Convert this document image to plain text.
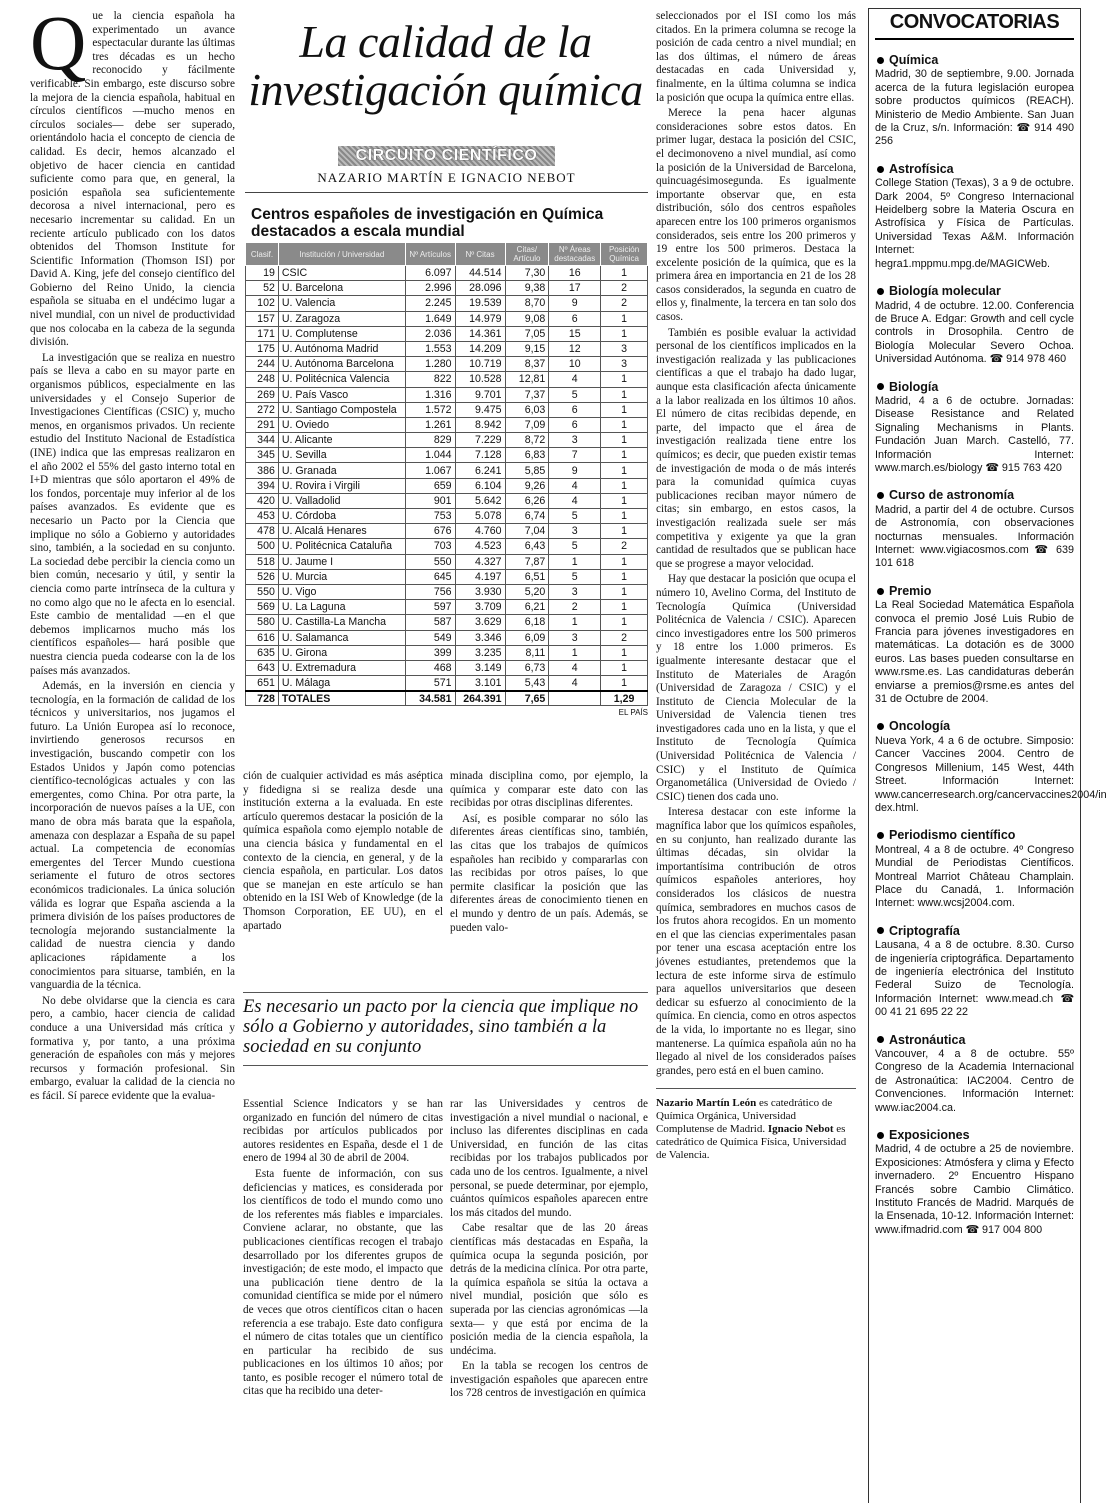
Q ue la ciencia española ha experimentado un avance espectacular durante las últimas tres décadas es un hecho reconocido y fácilmente verificable. Sin embargo, este discurso sobre la mejora de la ciencia española, habitual en círculos científicos —mucho menos en círculos sociales— debe ser superado, orientándolo hacia el concepto de ciencia de calidad. Es decir, hemos alcanzado el objetivo de hacer ciencia en cantidad suficiente como para que, en general, la posición española sea suficientemente decorosa a nivel internacional, pero es necesario incrementar su calidad. En un reciente artículo publicado con los datos obtenidos del Thomson Institute for Scientific Information (Thomson ISI) por David A. King, jefe del consejo científico del Gobierno del Reino Unido, la ciencia española se situaba en el undécimo lugar a nivel mundial, con un nivel de productividad que nos colocaba en la cabeza de la segunda división.

La investigación que se realiza en nuestro país se lleva a cabo en su mayor parte en organismos públicos, especialmente en las universidades y el Consejo Superior de Investigaciones Científicas (CSIC) y, mucho menos, en organismos privados. Un reciente estudio del Instituto Nacional de Estadística (INE) indica que las empresas realizaron en el año 2002 el 55% del gasto interno total en I+D mientras que sólo aportaron el 49% de los fondos, porcentaje muy inferior al de los países avanzados. Es evidente que es necesario un Pacto por la Ciencia que implique no sólo a Gobierno y autoridades sino, también, a la sociedad en su conjunto. La sociedad debe percibir la ciencia como un bien común, necesario y útil, y sentir la ciencia como parte intrínseca de la cultura y no como algo que no le afecta en lo esencial. Este cambio de mentalidad —en el que debemos implicarnos mucho más los científicos españoles— hará posible que nuestra ciencia pueda codearse con la de los países más avanzados.

Además, en la inversión en ciencia y tecnología, en la formación de calidad de los técnicos y universitarios, nos jugamos el futuro. La Unión Europea así lo reconoce, invirtiendo generosos recursos en investigación, buscando competir con los Estados Unidos y Japón como potencias científico-tecnológicas actuales y con las emergentes, como China. Por otra parte, la incorporación de nuevos países a la UE, con mano de obra más barata que la española, amenaza con desplazar a España de su papel actual. La competencia de economías emergentes del Tercer Mundo cuestiona seriamente el futuro de otros sectores económicos tradicionales. La única solución válida es lograr que España ascienda a la primera división de los países productores de tecnología mejorando sustancialmente la calidad de nuestra ciencia y dando aplicaciones rápidamente a los conocimientos para situarse, también, en la vanguardia de la técnica.

No debe olvidarse que la ciencia es cara pero, a cambio, hacer ciencia de calidad conduce a una Universidad más crítica y formativa y, por tanto, a una próxima generación de españoles con más y mejores recursos y formación profesional. Sin embargo, evaluar la calidad de la ciencia no es fácil. Sí parece evidente que la evalua-

La calidad de la investigación química
CIRCUITO CIENTÍFICO
NAZARIO MARTÍN E IGNACIO NEBOT
Centros españoles de investigación en Química destacados a escala mundial
Clasif.	Institución / Universidad	Nº Artículos	Nº Citas	Citas/ Artículo	Nº Áreas destacadas	Posición Química
19	CSIC	6.097	44.514	7,30	16	1
52	U. Barcelona	2.996	28.096	9,38	17	2
102	U. Valencia	2.245	19.539	8,70	9	2
157	U. Zaragoza	1.649	14.979	9,08	6	1
171	U. Complutense	2.036	14.361	7,05	15	1
175	U. Autónoma Madrid	1.553	14.209	9,15	12	3
244	U. Autónoma Barcelona	1.280	10.719	8,37	10	3
248	U. Politécnica Valencia	822	10.528	12,81	4	1
269	U. País Vasco	1.316	9.701	7,37	5	1
272	U. Santiago Compostela	1.572	9.475	6,03	6	1
291	U. Oviedo	1.261	8.942	7,09	6	1
344	U. Alicante	829	7.229	8,72	3	1
345	U. Sevilla	1.044	7.128	6,83	7	1
386	U. Granada	1.067	6.241	5,85	9	1
394	U. Rovira i Virgili	659	6.104	9,26	4	1
420	U. Valladolid	901	5.642	6,26	4	1
453	U. Córdoba	753	5.078	6,74	5	1
478	U. Alcalá Henares	676	4.760	7,04	3	1
500	U. Politécnica Cataluña	703	4.523	6,43	5	2
518	U. Jaume I	550	4.327	7,87	1	1
526	U. Murcia	645	4.197	6,51	5	1
550	U. Vigo	756	3.930	5,20	3	1
569	U. La Laguna	597	3.709	6,21	2	1
580	U. Castilla-La Mancha	587	3.629	6,18	1	1
616	U. Salamanca	549	3.346	6,09	3	2
635	U. Girona	399	3.235	8,11	1	1
643	U. Extremadura	468	3.149	6,73	4	1
651	U. Málaga	571	3.101	5,43	4	1
728	TOTALES	34.581	264.391	7,65		1,29
EL PAÍS

ción de cualquier actividad es más aséptica y fidedigna si se realiza desde una institución externa a la evaluada. En este artículo queremos destacar la posición de la química española como ejemplo notable de una ciencia básica y fundamental en el contexto de la ciencia, en general, y de la ciencia española, en particular. Los datos que se manejan en este artículo se han obtenido en la ISI Web of Knowledge (de la Thomson Corporation, EE UU), en el apartado

minada disciplina como, por ejemplo, la química y comparar este dato con las recibidas por otras disciplinas diferentes.

Así, es posible comparar no sólo las diferentes áreas científicas sino, también, las citas que los trabajos de químicos españoles han recibido y compararlas con las recibidas por otros países, lo que permite clasificar la posición que las diferentes áreas de conocimiento tienen en el mundo y dentro de un país. Además, se pueden valo-

Es necesario un pacto por la ciencia que implique no sólo a Gobierno y autoridades, sino también a la sociedad en su conjunto

Essential Science Indicators y se han organizado en función del número de citas recibidas por artículos publicados por autores residentes en España, desde el 1 de enero de 1994 al 30 de abril de 2004.

Esta fuente de información, con sus deficiencias y matices, es considerada por los científicos de todo el mundo como uno de los referentes más fiables e imparciales. Conviene aclarar, no obstante, que las publicaciones científicas recogen el trabajo desarrollado por los diferentes grupos de investigación; de este modo, el impacto que una publicación tiene dentro de la comunidad científica se mide por el número de veces que otros científicos citan o hacen referencia a ese trabajo. Este dato configura el número de citas totales que un científico en particular ha recibido de sus publicaciones en los últimos 10 años; por tanto, es posible recoger el número total de citas que ha recibido una deter-

rar las Universidades y centros de investigación a nivel mundial o nacional, e incluso las diferentes disciplinas en cada Universidad, en función de las citas recibidas por los trabajos publicados por cada uno de los centros. Igualmente, a nivel personal, se puede determinar, por ejemplo, cuántos químicos españoles aparecen entre los más citados del mundo.

Cabe resaltar que de las 20 áreas científicas más destacadas en España, la química ocupa la segunda posición, por detrás de la medicina clínica. Por otra parte, la química española se sitúa la octava a nivel mundial, posición que sólo es superada por las ciencias agronómicas —la sexta— y que está por encima de la posición media de la ciencia española, la undécima.

En la tabla se recogen los centros de investigación españoles que aparecen entre los 728 centros de investigación en química

seleccionados por el ISI como los más citados. En la primera columna se recoge la posición de cada centro a nivel mundial; en las dos últimas, el número de áreas destacadas en cada Universidad y, finalmente, en la última columna se indica la posición que ocupa la química entre ellas.

Merece la pena hacer algunas consideraciones sobre estos datos. En primer lugar, destaca la posición del CSIC, el decimonoveno a nivel mundial, así como la posición de la Universidad de Barcelona, quincuagésimosegunda. Es igualmente importante observar que, en esta distribución, sólo dos centros españoles aparecen entre los 100 primeros organismos considerados, seis entre los 200 primeros y 19 entre los 500 primeros. Destaca la excelente posición de la química, que es la primera área en importancia en 21 de los 28 casos considerados, la segunda en cuatro de ellos y, finalmente, la tercera en tan solo dos casos.

También es posible evaluar la actividad personal de los científicos implicados en la investigación realizada y las publicaciones científicas a que el trabajo ha dado lugar, aunque esta clasificación afecta únicamente a la labor realizada en los últimos 10 años. El número de citas recibidas depende, en parte, del impacto que el área de investigación realizada tiene entre los químicos; es decir, que pueden existir temas de investigación de moda o de más interés para la comunidad química cuyas publicaciones reciban mayor número de citas; sin embargo, en estos casos, la investigación realizada suele ser más competitiva y exigente ya que la gran cantidad de resultados que se publican hace que se progrese a mayor velocidad.

Hay que destacar la posición que ocupa el número 10, Avelino Corma, del Instituto de Tecnología Química (Universidad Politécnica de Valencia / CSIC). Aparecen cinco investigadores entre los 500 primeros y 18 entre los 1.000 primeros. Es igualmente interesante destacar que el Instituto de Materiales de Aragón (Universidad de Zaragoza / CSIC) y el Instituto de Ciencia Molecular de la Universidad de Valencia tienen tres investigadores cada uno en la lista, y que el Instituto de Tecnología Química (Universidad Politécnica de Valencia / CSIC) y el Instituto de Química Organometálica (Universidad de Oviedo / CSIC) tienen dos cada uno.

Interesa destacar con este informe la magnífica labor que los químicos españoles, en su conjunto, han realizado durante las últimas décadas, sin olvidar la importantísima contribución de otros químicos españoles anteriores, hoy considerados los clásicos de nuestra química, sembradores en muchos casos de los frutos ahora recogidos. En un momento en el que las ciencias experimentales pasan por tener una escasa aceptación entre los jóvenes estudiantes, pretendemos que la lectura de este informe sirva de estímulo para aquellos universitarios que deseen dedicar su esfuerzo al conocimiento de la química. En ciencia, como en otros aspectos de la vida, lo importante no es llegar, sino mantenerse. La química española aún no ha llegado al nivel de los considerados países grandes, pero está en el buen camino.

Nazario Martín León es catedrático de Química Orgánica, Universidad Complutense de Madrid. Ignacio Nebot es catedrático de Química Física, Universidad de Valencia.
CONVOCATORIAS
Química
Madrid, 30 de septiembre, 9.00. Jornada acerca de la futura legislación europea sobre productos químicos (REACH). Ministerio de Medio Ambiente. San Juan de la Cruz, s/n. Información: ☎ 914 490 256
Astrofísica
College Station (Texas), 3 a 9 de octubre. Dark 2004, 5º Congreso Internacional Heidelberg sobre la Materia Oscura en Astrofísica y Física de Partículas. Universidad Texas A&M. Información Internet: hegra1.mppmu.mpg.de/MAGICWeb.
Biología molecular
Madrid, 4 de octubre. 12.00. Conferencia de Bruce A. Edgar: Growth and cell cycle controls in Drosophila. Centro de Biología Molecular Severo Ochoa. Universidad Autónoma. ☎ 914 978 460
Biología
Madrid, 4 a 6 de octubre. Jornadas: Disease Resistance and Related Signaling Mechanisms in Plants. Fundación Juan March. Castelló, 77. Información Internet: www.march.es/biology ☎ 915 763 420
Curso de astronomía
Madrid, a partir del 4 de octubre. Cursos de Astronomía, con observaciones nocturnas mensuales. Información Internet: www.vigiacosmos.com ☎ 639 101 618
Premio
La Real Sociedad Matemática Española convoca el premio José Luis Rubio de Francia para jóvenes investigadores en matemáticas. La dotación es de 3000 euros. Las bases pueden consultarse en www.rsme.es. Las candidaturas deberán enviarse a premios@rsme.es antes del 31 de Octubre de 2004.
Oncología
Nueva York, 4 a 6 de octubre. Simposio: Cancer Vaccines 2004. Centro de Congresos Millenium, 145 West, 44th Street. Información Internet: www.cancerresearch.org/cancervaccines2004/in dex.html.
Periodismo científico
Montreal, 4 a 8 de octubre. 4º Congreso Mundial de Periodistas Científicos. Montreal Marriot Château Champlain. Place du Canadá, 1. Información Internet: www.wcsj2004.com.
Criptografía
Lausana, 4 a 8 de octubre. 8.30. Curso de ingeniería criptográfica. Departamento de ingeniería electrónica del Instituto Federal Suizo de Tecnología. Información Internet: www.mead.ch ☎ 00 41 21 695 22 22
Astronáutica
Vancouver, 4 a 8 de octubre. 55º Congreso de la Academia Internacional de Astronaútica: IAC2004. Centro de Convenciones. Información Internet: www.iac2004.ca.
Exposiciones
Madrid, 4 de octubre a 25 de noviembre. Exposiciones: Atmósfera y clima y Efecto invernadero. 2º Encuentro Hispano Francés sobre Cambio Climático. Instituto Francés de Madrid. Marqués de la Ensenada, 10-12. Información Internet: www.ifmadrid.com ☎ 917 004 800
